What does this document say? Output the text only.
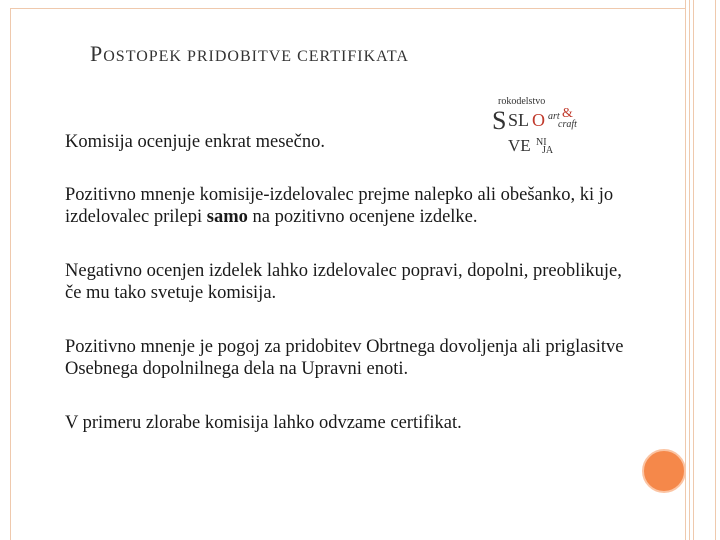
POSTOPEK PRIDOBITVE CERTIFIKATA
rokodelstvo
S SL O
VE NI
JA
art &
craft
Komisija ocenjuje enkrat mesečno.
Pozitivno mnenje komisije-izdelovalec prejme nalepko ali obešanko, ki jo izdelovalec prilepi samo na pozitivno ocenjene izdelke.
Negativno ocenjen izdelek lahko izdelovalec popravi, dopolni, preoblikuje, če mu tako svetuje komisija.
Pozitivno mnenje je pogoj za pridobitev Obrtnega dovoljenja ali priglasitve Osebnega dopolnilnega dela na Upravni enoti.
V primeru zlorabe komisija lahko odvzame certifikat.
